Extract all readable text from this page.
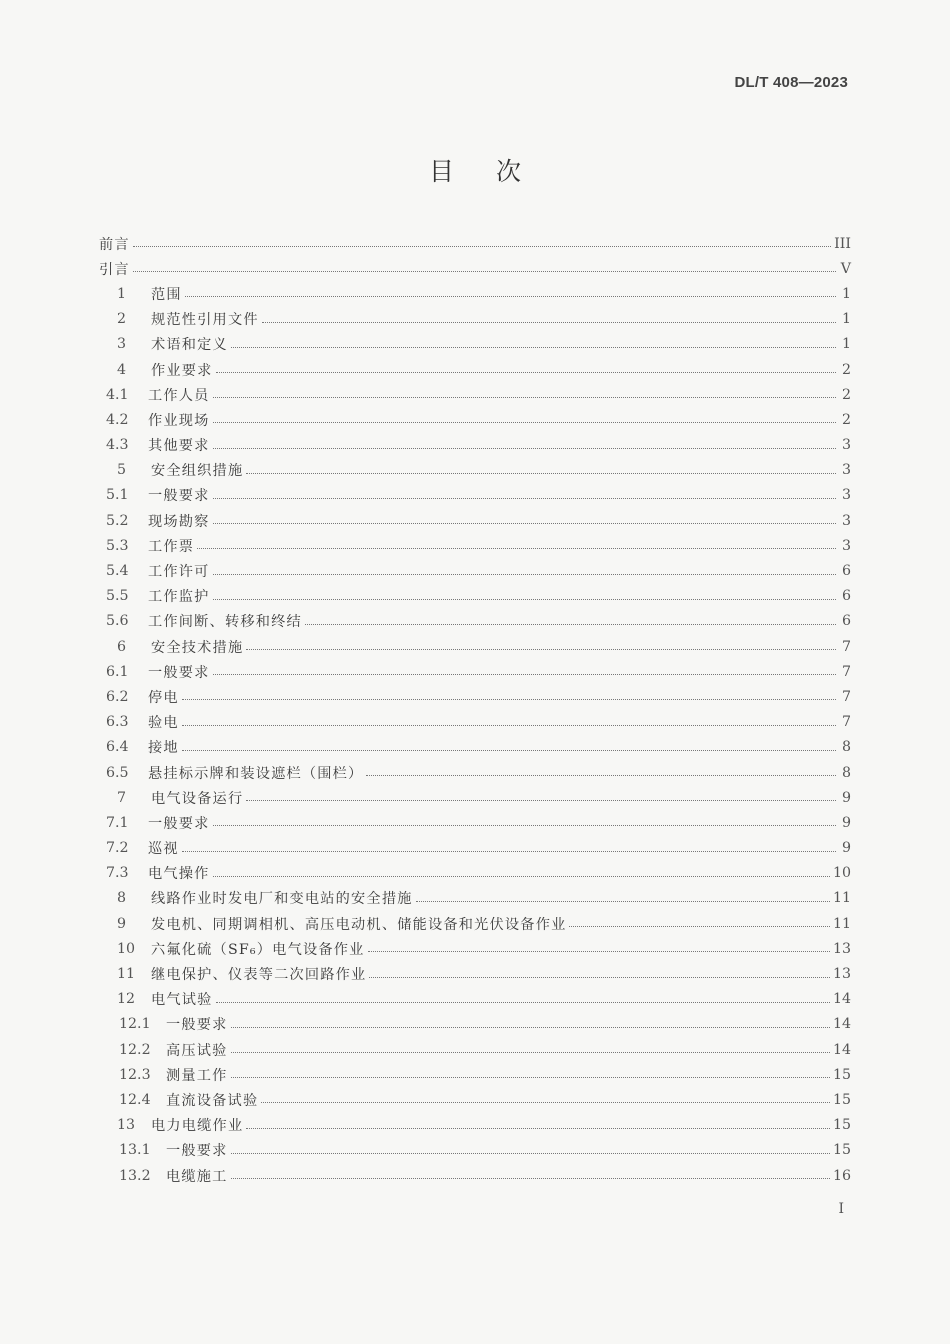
DL/T 408—2023
目次
前言	III
引言	V
1	范围	1
2	规范性引用文件	1
3	术语和定义	1
4	作业要求	2
4.1	工作人员	2
4.2	作业现场	2
4.3	其他要求	3
5	安全组织措施	3
5.1	一般要求	3
5.2	现场勘察	3
5.3	工作票	3
5.4	工作许可	6
5.5	工作监护	6
5.6	工作间断、转移和终结	6
6	安全技术措施	7
6.1	一般要求	7
6.2	停电	7
6.3	验电	7
6.4	接地	8
6.5	悬挂标示牌和装设遮栏（围栏）	8
7	电气设备运行	9
7.1	一般要求	9
7.2	巡视	9
7.3	电气操作	10
8	线路作业时发电厂和变电站的安全措施	11
9	发电机、同期调相机、高压电动机、储能设备和光伏设备作业	11
10	六氟化硫（SF₆）电气设备作业	13
11	继电保护、仪表等二次回路作业	13
12	电气试验	14
12.1	一般要求	14
12.2	高压试验	14
12.3	测量工作	15
12.4	直流设备试验	15
13	电力电缆作业	15
13.1	一般要求	15
13.2	电缆施工	16
I
